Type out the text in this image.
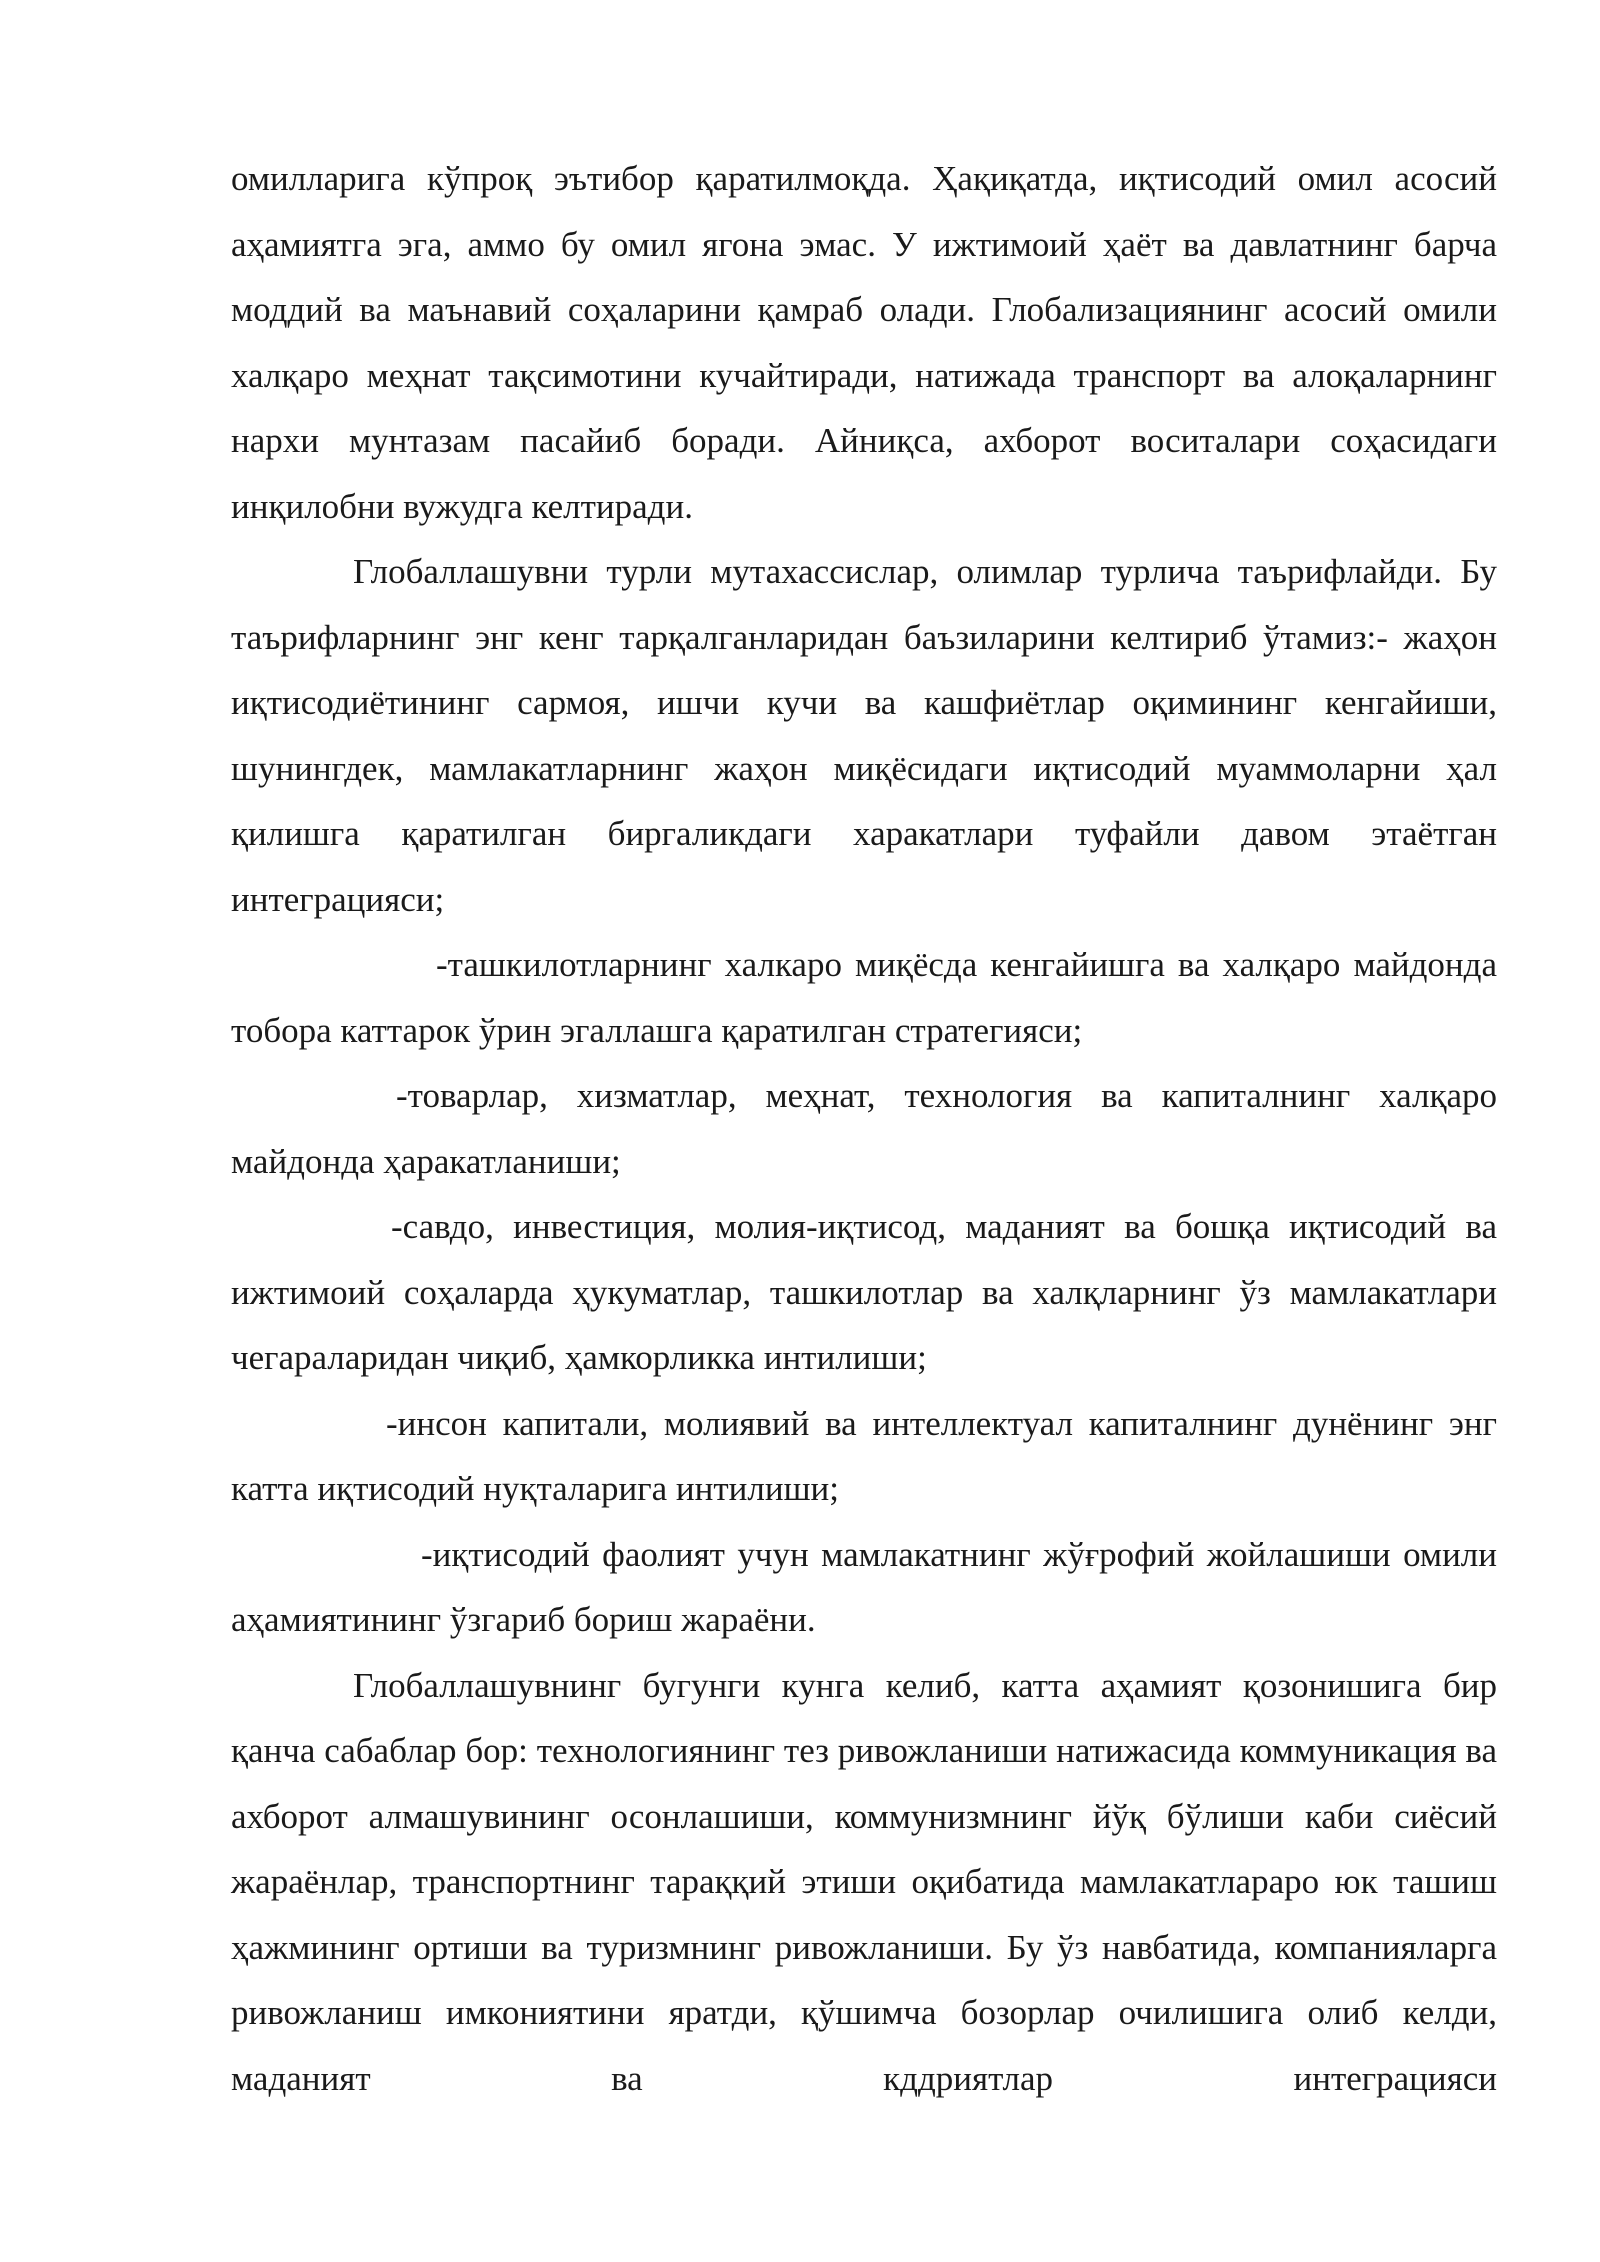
омилларига кўпроқ эътибор қаратилмоқда. Ҳақиқатда, иқтисодий омил асосий аҳамиятга эга, аммо бу омил ягона эмас. У ижтимоий ҳаёт ва давлатнинг барча моддий ва маънавий соҳаларини қамраб олади. Глобализациянинг асосий омили халқаро меҳнат тақсимотини кучайтиради, натижада транспорт ва алоқаларнинг нархи мунтазам пасайиб боради. Айниқса, ахборот воситалари соҳасидаги инқилобни вужудга келтиради.

Глобаллашувни турли мутахассислар, олимлар турлича таърифлайди. Бу таърифларнинг энг кенг тарқалганларидан баъзиларини келтириб ўтамиз:- жаҳон иқтисодиётининг сармоя, ишчи кучи ва кашфиётлар оқимининг кенгайиши, шунингдек, мамлакатларнинг жаҳон миқёсидаги иқтисодий муаммоларни ҳал қилишга қаратилган биргаликдаги харакатлари туфайли давом этаётган интеграцияси;

-ташкилотларнинг халкаро миқёсда кенгайишга ва халқаро майдонда тобора каттарок ўрин эгаллашга қаратилган стратегияси;

-товарлар, хизматлар, меҳнат, технология ва капиталнинг халқаро майдонда ҳаракатланиши;

-савдо, инвестиция, молия-иқтисод, маданият ва бошқа иқтисодий ва ижтимоий соҳаларда ҳукуматлар, ташкилотлар ва халқларнинг ўз мамлакатлари чегараларидан чиқиб, ҳамкорликка интилиши;

-инсон капитали, молиявий ва интеллектуал капиталнинг дунёнинг энг катта иқтисодий нуқталарига интилиши;

-иқтисодий фаолият учун мамлакатнинг жўғрофий жойлашиши омили аҳамиятининг ўзгариб бориш жараёни.

Глобаллашувнинг бугунги кунга келиб, катта аҳамият қозонишига бир қанча сабаблар бор: технологиянинг тез ривожланиши натижасида коммуникация ва ахборот алмашувининг осонлашиши, коммунизмнинг йўқ бўлиши каби сиёсий жараёнлар, транспортнинг тараққий этиши оқибатида мамлакатлараро юк ташиш ҳажмининг ортиши ва туризмнинг ривожланиши. Бу ўз навбатида, компанияларга ривожланиш имкониятини яратди, қўшимча бозорлар очилишига олиб келди, маданият ва кддриятлар интеграцияси
